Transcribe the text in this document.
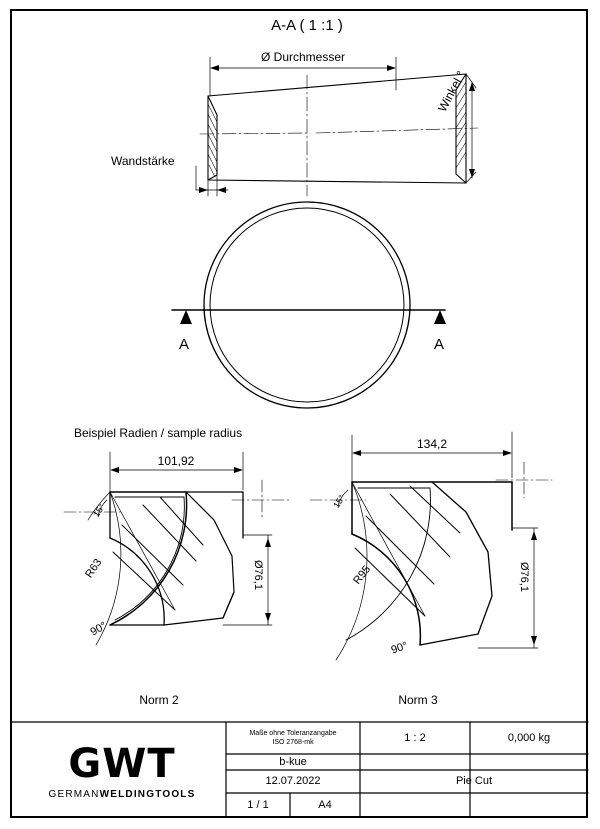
A-A ( 1 :1 )
Ø Durchmesser
Wandstärke
Winkel °
A	A
Beispiel Radien / sample radius
101,92
15°
R63
90°
Ø76,1
Norm 2
134,2
15°
R95
90°
Ø76,1
Norm 3
GWT
GERMANWELDINGTOOLS
Maße ohne Toleranzangabe
ISO 2768-mk	1 : 2	0,000 kg
b-kue
12.07.2022	Pie Cut
1 / 1	A4
